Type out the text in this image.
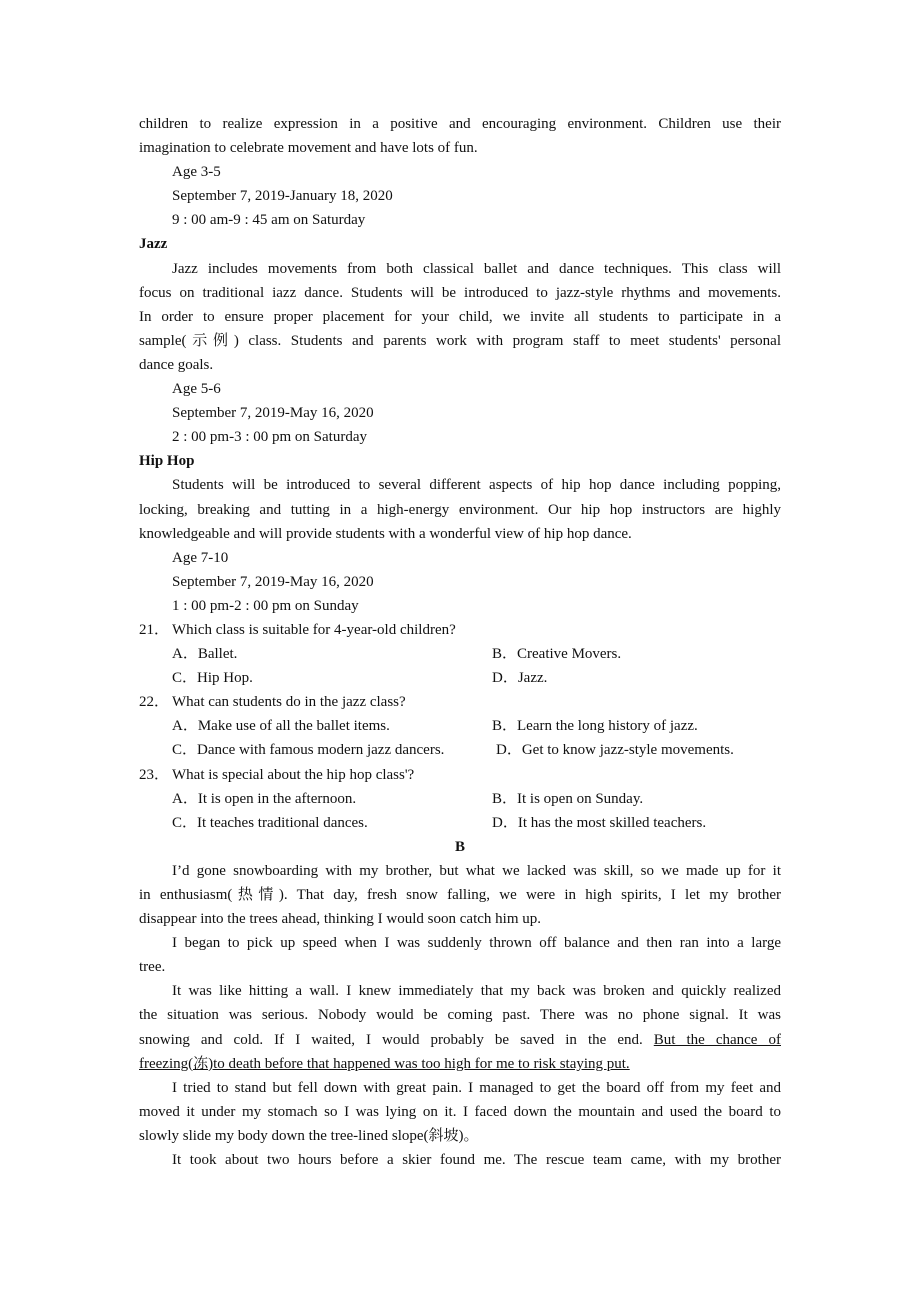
children to realize expression in a positive and encouraging environment. Children use their
imagination to celebrate movement and have lots of fun.
Age 3-5
September 7, 2019-January 18, 2020
9 : 00 am-9 : 45 am on Saturday
Jazz
Jazz includes movements from both classical ballet and dance techniques. This class will
focus on traditional iazz dance. Students will be introduced to jazz-style rhythms and movements.
In order to ensure proper placement for your child, we invite all students to participate in a
sample(示例) class. Students and parents work with program staff to meet students' personal
dance goals.
Age 5-6
September 7, 2019-May 16, 2020
2 : 00 pm-3 : 00 pm on Saturday
Hip Hop
Students will be introduced to several different aspects of hip hop dance including popping,
locking, breaking and tutting in a high-energy environment. Our hip hop instructors are highly
knowledgeable and will provide students with a wonderful view of hip hop dance.
Age 7-10
September 7, 2019-May 16, 2020
1 : 00 pm-2 : 00 pm on Sunday
21． Which class is suitable for 4-year-old children?
A．Ballet.	B．Creative Movers.
C．Hip Hop.	D．Jazz.
22． What can students do in the jazz class?
A．Make use of all the ballet items.	B．Learn the long history of jazz.
C．Dance with famous modern jazz dancers.	D．Get to know jazz-style movements.
23． What is special about the hip hop class'?
A．It is open in the afternoon.	B．It is open on Sunday.
C．It teaches traditional dances.	D．It has the most skilled teachers.
B
I’d gone snowboarding with my brother, but what we lacked was skill, so we made up for it
in enthusiasm(热情). That day, fresh snow falling, we were in high spirits, I let my brother
disappear into the trees ahead, thinking I would soon catch him up.
I began to pick up speed when I was suddenly thrown off balance and then ran into a large
tree.
It was like hitting a wall. I knew immediately that my back was broken and quickly realized
the situation was serious. Nobody would be coming past. There was no phone signal. It was
snowing and cold. If I waited, I would probably be saved in the end. But the chance of
freezing(冻)to death before that happened was too high for me to risk staying put.
I tried to stand but fell down with great pain. I managed to get the board off from my feet and
moved it under my stomach so I was lying on it. I faced down the mountain and used the board to
slowly slide my body down the tree-lined slope(斜坡)。
It took about two hours before a skier found me. The rescue team came, with my brother
